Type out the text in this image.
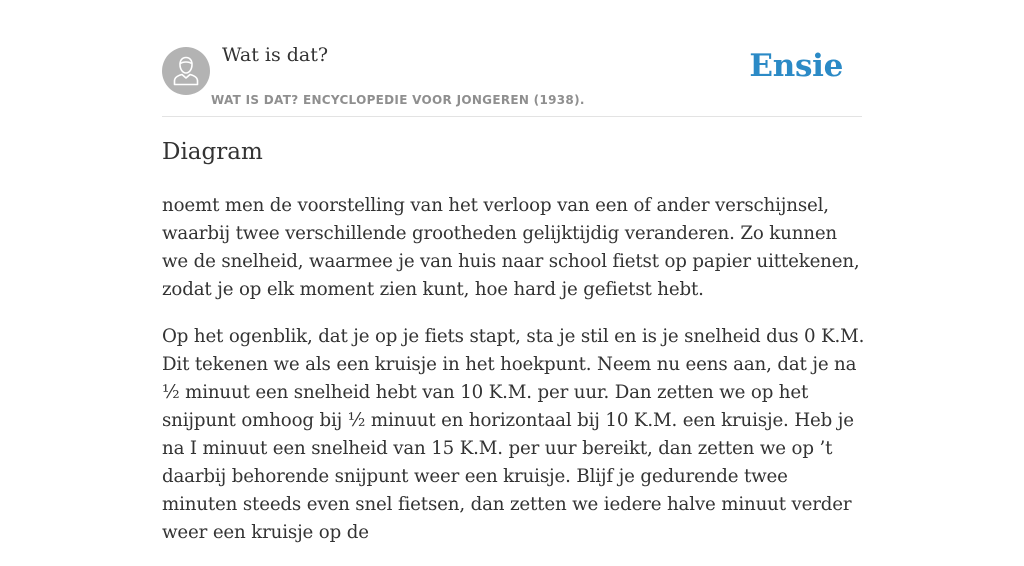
Wat is dat?
WAT IS DAT? ENCYCLOPEDIE VOOR JONGEREN (1938).
Ensie
Diagram

noemt men de voorstelling van het verloop van een of ander verschijnsel, waarbij twee verschillende grootheden gelijktijdig veranderen. Zo kunnen we de snelheid, waarmee je van huis naar school fietst op papier uittekenen, zodat je op elk moment zien kunt, hoe hard je gefietst hebt.

Op het ogenblik, dat je op je fiets stapt, sta je stil en is je snelheid dus 0 K.M. Dit tekenen we als een kruisje in het hoekpunt. Neem nu eens aan, dat je na ½ minuut een snelheid hebt van 10 K.M. per uur. Dan zetten we op het snijpunt omhoog bij ½ minuut en horizontaal bij 10 K.M. een kruisje. Heb je na I minuut een snelheid van 15 K.M. per uur bereikt, dan zetten we op ’t daarbij behorende snijpunt weer een kruisje. Blijf je gedurende twee minuten steeds even snel fietsen, dan zetten we iedere halve minuut verder weer een kruisje op de
